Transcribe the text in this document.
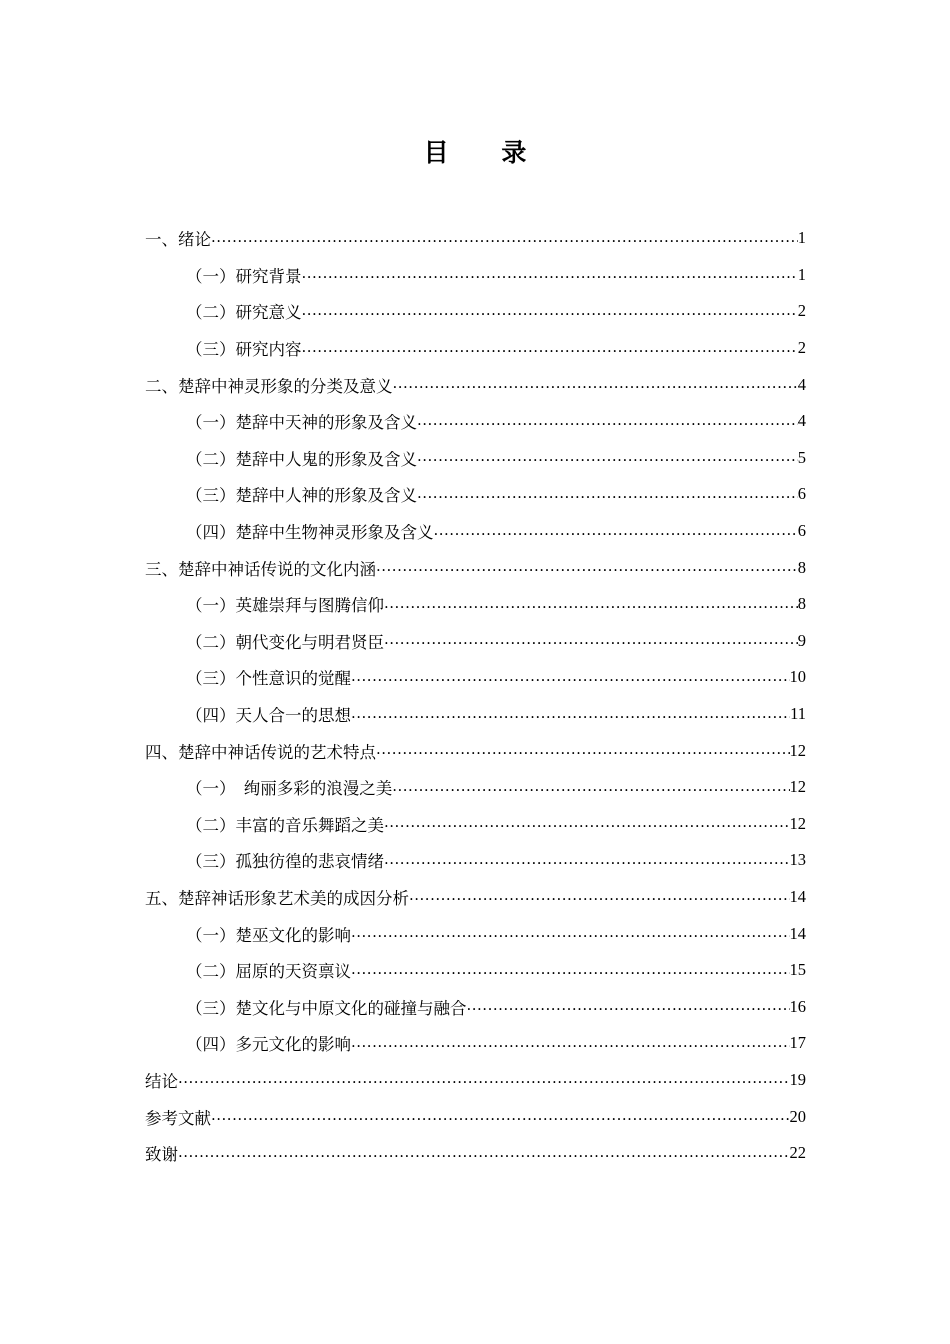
目 录
一、绪论 .....	1
（一）研究背景 .....	1
（二）研究意义 .....	2
（三）研究内容 .....	2
二、楚辞中神灵形象的分类及意义 .....	4
（一）楚辞中天神的形象及含义 .....	4
（二）楚辞中人鬼的形象及含义 .....	5
（三）楚辞中人神的形象及含义 .....	6
（四）楚辞中生物神灵形象及含义 .....	6
三、楚辞中神话传说的文化内涵 .....	8
（一）英雄崇拜与图腾信仰 .....	8
（二）朝代变化与明君贤臣 .....	9
（三）个性意识的觉醒 .....	10
（四）天人合一的思想 .....	11
四、楚辞中神话传说的艺术特点 .....	12
（一）　绚丽多彩的浪漫之美 .....	12
（二）丰富的音乐舞蹈之美 .....	12
（三）孤独彷徨的悲哀情绪 .....	13
五、楚辞神话形象艺术美的成因分析 .....	14
（一）楚巫文化的影响 .....	14
（二）屈原的天资禀议 .....	15
（三）楚文化与中原文化的碰撞与融合 .....	16
（四）多元文化的影响 .....	17
结论 .....	19
参考文献 .....	20
致谢 .....	22
